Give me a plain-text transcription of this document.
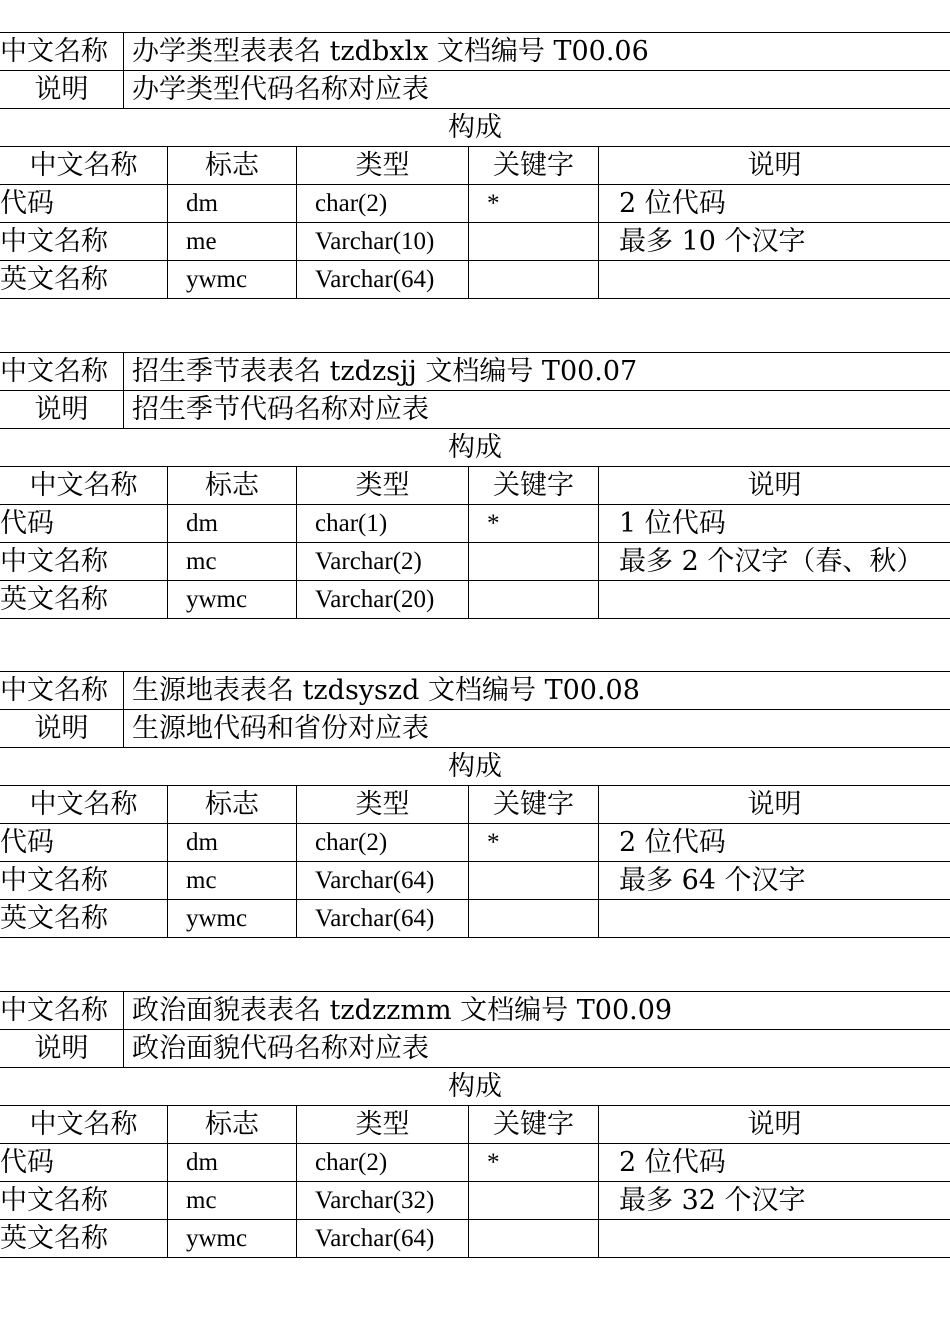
中文名称	办学类型表表名 tzdbxlx 文档编号 T00.06
说明	办学类型代码名称对应表
构成				
中文名称	标志	类型	关键字	说明
代码	dm	char(2)	*	2 位代码
中文名称	me	Varchar(10)		最多 10 个汉字
英文名称	ywmc	Varchar(64)		
中文名称	招生季节表表名 tzdzsjj 文档编号 T00.07
说明	招生季节代码名称对应表
构成				
中文名称	标志	类型	关键字	说明
代码	dm	char(1)	*	1 位代码
中文名称	mc	Varchar(2)		最多 2 个汉字（春、秋）
英文名称	ywmc	Varchar(20)		
中文名称	生源地表表名 tzdsyszd 文档编号 T00.08
说明	生源地代码和省份对应表
构成				
中文名称	标志	类型	关键字	说明
代码	dm	char(2)	*	2 位代码
中文名称	mc	Varchar(64)		最多 64 个汉字
英文名称	ywmc	Varchar(64)		
中文名称	政治面貌表表名 tzdzzmm 文档编号 T00.09
说明	政治面貌代码名称对应表
构成				
中文名称	标志	类型	关键字	说明
代码	dm	char(2)	*	2 位代码
中文名称	mc	Varchar(32)		最多 32 个汉字
英文名称	ywmc	Varchar(64)		
